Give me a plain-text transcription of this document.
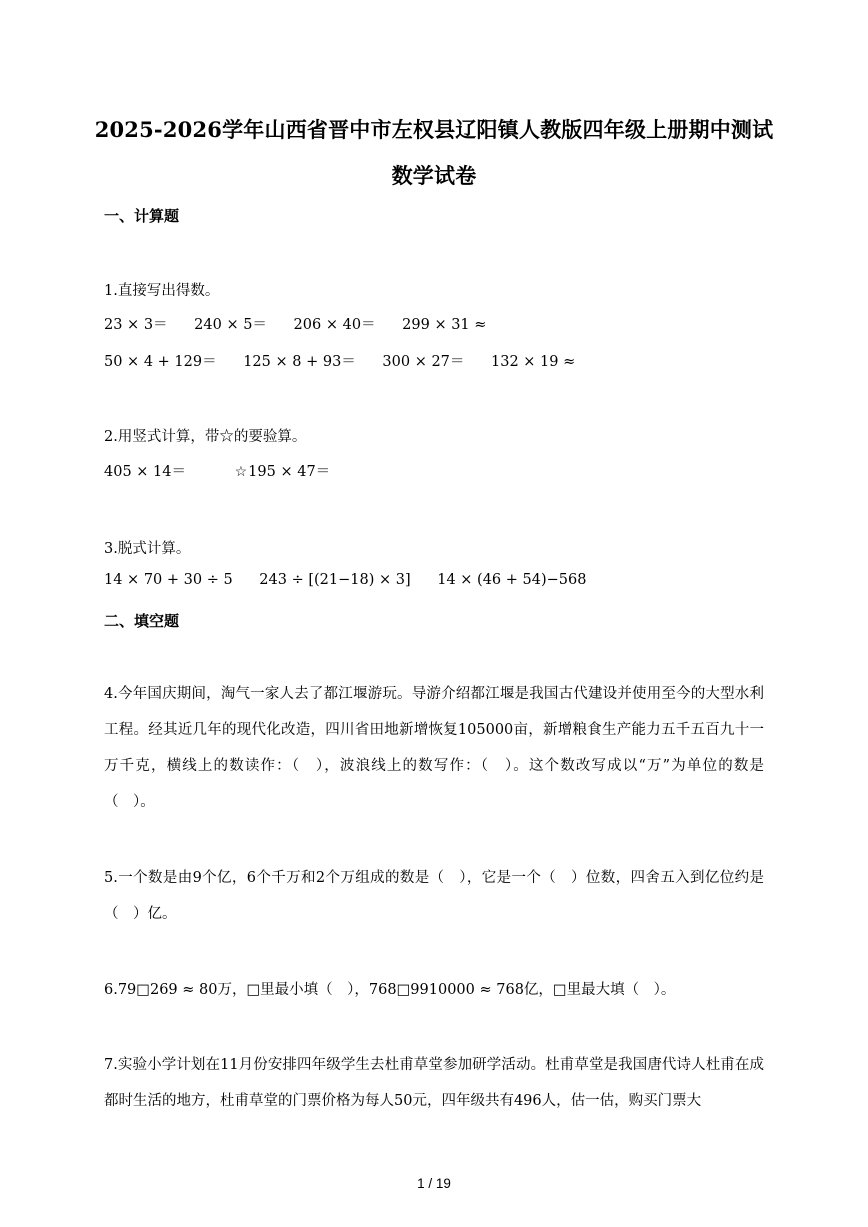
2025-2026学年山西省晋中市左权县辽阳镇人教版四年级上册期中测试
数学试卷
一、计算题
1.直接写出得数。
23 × 3＝ 240 × 5＝ 206 × 40＝ 299 × 31 ≈
50 × 4 + 129＝ 125 × 8 + 93＝ 300 × 27＝ 132 × 19 ≈
2.用竖式计算，带☆的要验算。
405 × 14＝	☆195 × 47＝
3.脱式计算。
14 × 70 + 30 ÷ 5 243 ÷ [(21−18) × 3] 14 × (46 + 54)−568
二、填空题
4.今年国庆期间，淘气一家人去了都江堰游玩。导游介绍都江堰是我国古代建设并使用至今的大型水利工程。经其近几年的现代化改造，四川省田地新增恢复105000亩，新增粮食生产能力五千五百九十一万千克，横线上的数读作：（　），波浪线上的数写作：（　）。这个数改写成以“万”为单位的数是（　）。
5.一个数是由9个亿，6个千万和2个万组成的数是（　），它是一个（　）位数，四舍五入到亿位约是（　）亿。
6.79□269 ≈ 80万，□里最小填（　），768□9910000 ≈ 768亿，□里最大填（　）。
7.实验小学计划在11月份安排四年级学生去杜甫草堂参加研学活动。杜甫草堂是我国唐代诗人杜甫在成都时生活的地方，杜甫草堂的门票价格为每人50元，四年级共有496人，估一估，购买门票大
1 / 19
